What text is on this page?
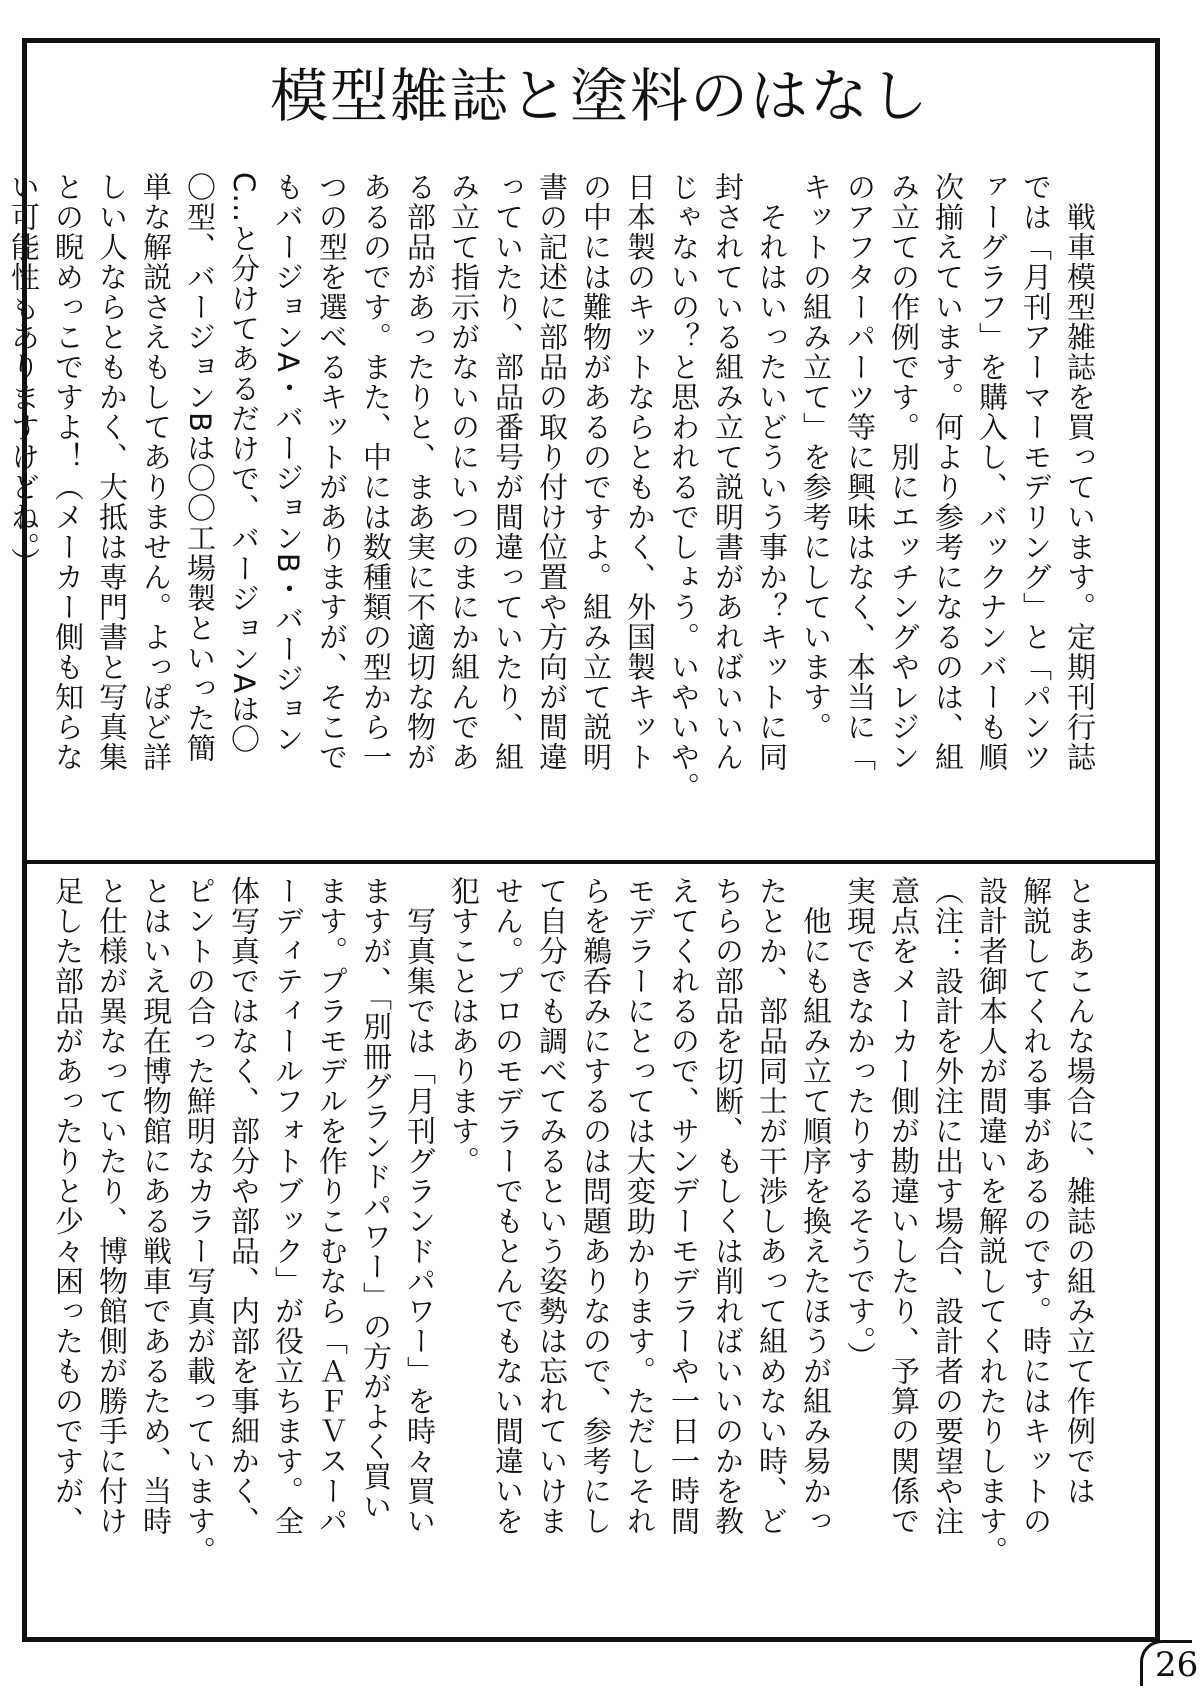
模型雑誌と塗料のはなし
　戦車模型雑誌を買っています。定期刊行誌
では「月刊アーマーモデリング」と「パンツ
ァーグラフ」を購入し、バックナンバーも順
次揃えています。何より参考になるのは、組
み立ての作例です。別にエッチングやレジン
のアフターパーツ等に興味はなく、本当に「
キットの組み立て」を参考にしています。
　それはいったいどういう事か？キットに同
封されている組み立て説明書があればいいん
じゃないの？と思われるでしょう。いやいや。
日本製のキットならともかく、外国製キット
の中には難物があるのですよ。組み立て説明
書の記述に部品の取り付け位置や方向が間違
っていたり、部品番号が間違っていたり、組
み立て指示がないのにいつのまにか組んであ
る部品があったりと、まあ実に不適切な物が
あるのです。また、中には数種類の型から一
つの型を選べるキットがありますが、そこで
もバージョンA・バージョンB・バージョン
C…と分けてあるだけで、バージョンAは〇
〇型、バージョンBは〇〇工場製といった簡
単な解説さえもしてありません。よっぽど詳
しい人ならともかく、大抵は専門書と写真集
との睨めっこですよ！（メーカー側も知らな
い可能性もありますけどね。）
とまあこんな場合に、雑誌の組み立て作例では
解説してくれる事があるのです。時にはキットの
設計者御本人が間違いを解説してくれたりします。
（注：設計を外注に出す場合、設計者の要望や注
意点をメーカー側が勘違いしたり、予算の関係で
実現できなかったりするそうです。）
　他にも組み立て順序を換えたほうが組み易かっ
たとか、部品同士が干渉しあって組めない時、ど
ちらの部品を切断、もしくは削ればいいのかを教
えてくれるので、サンデーモデラーや一日一時間
モデラーにとっては大変助かります。ただしそれ
らを鵜呑みにするのは問題ありなので、参考にし
て自分でも調べてみるという姿勢は忘れていけま
せん。プロのモデラーでもとんでもない間違いを
犯すことはあります。
　写真集では「月刊グランドパワー」を時々買い
ますが、「別冊グランドパワー」の方がよく買い
ます。プラモデルを作りこむなら「ＡＦＶスーパ
ーディティールフォトブック」が役立ちます。全
体写真ではなく、部分や部品、内部を事細かく、
ピントの合った鮮明なカラー写真が載っています。
とはいえ現在博物館にある戦車であるため、当時
と仕様が異なっていたり、博物館側が勝手に付け
足した部品があったりと少々困ったものですが、
26
